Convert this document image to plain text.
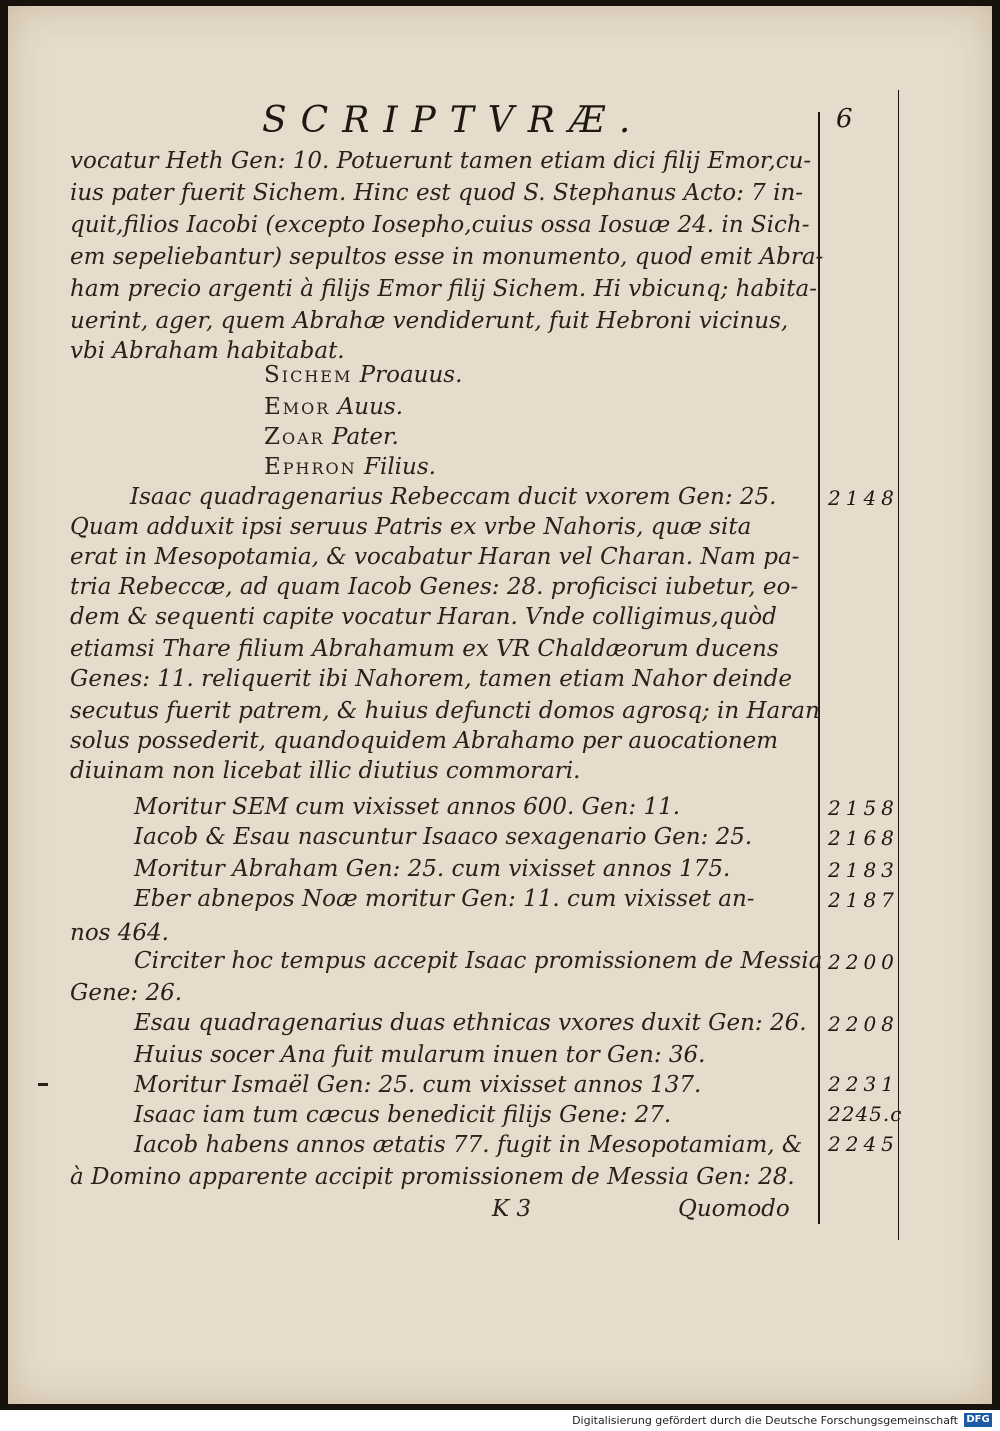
SCRIPTVRÆ.	6
vocatur Heth Gen: 10. Potuerunt tamen etiam dici filij Emor,cu-
ius pater fuerit Sichem. Hinc est quod S. Stephanus Acto: 7 in-
quit,filios Iacobi (excepto Iosepho,cuius ossa Iosuæ 24. in Sich-
em sepeliebantur) sepultos esse in monumento, quod emit Abra-
ham precio argenti à filijs Emor filij Sichem. Hi vbicunq; habita-
uerint, ager, quem Abrahæ vendiderunt, fuit Hebroni vicinus,
vbi Abraham habitabat.
Sichem Proauus.
Emor Auus.
Zoar Pater.
Ephron Filius.
Isaac quadragenarius Rebeccam ducit vxorem Gen: 25.
Quam adduxit ipsi seruus Patris ex vrbe Nahoris, quæ sita
erat in Mesopotamia, & vocabatur Haran vel Charan. Nam pa-
tria Rebeccæ, ad quam Iacob Genes: 28. proficisci iubetur, eo-
dem & sequenti capite vocatur Haran. Vnde colligimus,quòd
etiamsi Thare filium Abrahamum ex VR Chaldæorum ducens
Genes: 11. reliquerit ibi Nahorem, tamen etiam Nahor deinde
secutus fuerit patrem, & huius defuncti domos agrosq; in Haran
solus possederit, quandoquidem Abrahamo per auocationem
diuinam non licebat illic diutius commorari.
Moritur SEM cum vixisset annos 600. Gen: 11.
Iacob & Esau nascuntur Isaaco sexagenario Gen: 25.
Moritur Abraham Gen: 25. cum vixisset annos 175.
Eber abnepos Noæ moritur Gen: 11. cum vixisset an-
nos 464.
Circiter hoc tempus accepit Isaac promissionem de Messia
Gene: 26.
Esau quadragenarius duas ethnicas vxores duxit Gen: 26.
Huius socer Ana fuit mularum inuen tor Gen: 36.
Moritur Ismaël Gen: 25. cum vixisset annos 137.
Isaac iam tum cæcus benedicit filijs Gene: 27.
Iacob habens annos ætatis 77. fugit in Mesopotamiam, &
à Domino apparente accipit promissionem de Messia Gen: 28.
2148
2158
2168
2183
2187
2200
2208
2231
2245.c
2245
K 3	Quomodo
Digitalisierung gefördert durch die Deutsche Forschungsgemeinschaft DFG
